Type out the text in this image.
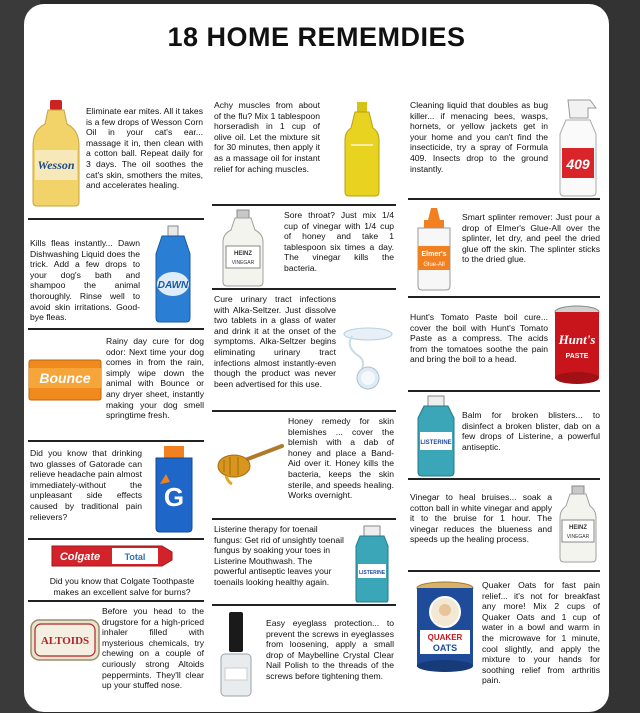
18 HOME REMEMDIES
Wesson
Eliminate ear mites. All it takes is a few drops of Wesson Corn Oil in your cat's ear... massage it in, then clean with a cotton ball. Repeat daily for 3 days. The oil soothes the cat's skin, smothers the mites, and accelerates healing.
Kills fleas instantly... Dawn Dishwashing Liquid does the trick. Add a few drops to your dog's bath and shampoo the animal thoroughly. Rinse well to avoid skin irritations. Good-bye fleas.
DAWN
Bounce
Rainy day cure for dog odor: Next time your dog comes in from the rain, simply wipe down the animal with Bounce or any dryer sheet, instantly making your dog smell springtime fresh.
Did you know that drinking two glasses of Gatorade can relieve headache pain almost immediately-without the unpleasant side effects caused by traditional pain relievers?
G
Colgate	Total
Did you know that Colgate Toothpaste makes an excellent salve for burns?
ALTOIDS
Before you head to the drugstore for a high-priced inhaler filled with mysterious chemicals, try chewing on a couple of curiously strong Altoids peppermints. They'll clear up your stuffed nose.
Achy muscles from about of the flu? Mix 1 tablespoon horseradish in 1 cup of olive oil. Let the mixture sit for 30 minutes, then apply it as a massage oil for instant relief for aching muscles.
HEINZ
VINEGAR
Sore throat? Just mix 1/4 cup of vinegar with 1/4 cup of honey and take 1 tablespoon six times a day. The vinegar kills the bacteria.
Cure urinary tract infections with Alka-Seltzer. Just dissolve two tablets in a glass of water and drink it at the onset of the symptoms. Alka-Seltzer begins eliminating urinary tract infections almost instantly-even though the product was never been advertised for this use.
Honey remedy for skin blemishes ... cover the blemish with a dab of honey and place a Band-Aid over it. Honey kills the bacteria, keeps the skin sterile, and speeds healing. Works overnight.
Listerine therapy for toenail fungus: Get rid of unsightly toenail fungus by soaking your toes in Listerine Mouthwash. The powerful antiseptic leaves your toenails looking healthy again.
LISTERINE
Easy eyeglass protection... to prevent the screws in eyeglasses from loosening, apply a small drop of Maybelline Crystal Clear Nail Polish to the threads of the screws before tightening them.
Cleaning liquid that doubles as bug killer... if menacing bees, wasps, hornets, or yellow jackets get in your home and you can't find the insecticide, try a spray of Formula 409. Insects drop to the ground instantly.	409
Elmer's
Glue-All
Smart splinter remover: Just pour a drop of Elmer's Glue-All over the splinter, let dry, and peel the dried glue off the skin. The splinter sticks to the dried glue.
Hunt's Tomato Paste boil cure... cover the boil with Hunt's Tomato Paste as a compress. The acids from the tomatoes soothe the pain and bring the boil to a head.
Hunt's
PASTE
LISTERINE
Balm for broken blisters... to disinfect a broken blister, dab on a few drops of Listerine, a powerful antiseptic.
Vinegar to heal bruises... soak a cotton ball in white vinegar and apply it to the bruise for 1 hour. The vinegar reduces the blueness and speeds up the healing process.
HEINZ
VINEGAR
QUAKER
OATS
Quaker Oats for fast pain relief... it's not for breakfast any more! Mix 2 cups of Quaker Oats and 1 cup of water in a bowl and warm in the microwave for 1 minute, cool slightly, and apply the mixture to your hands for soothing relief from arthritis pain.
